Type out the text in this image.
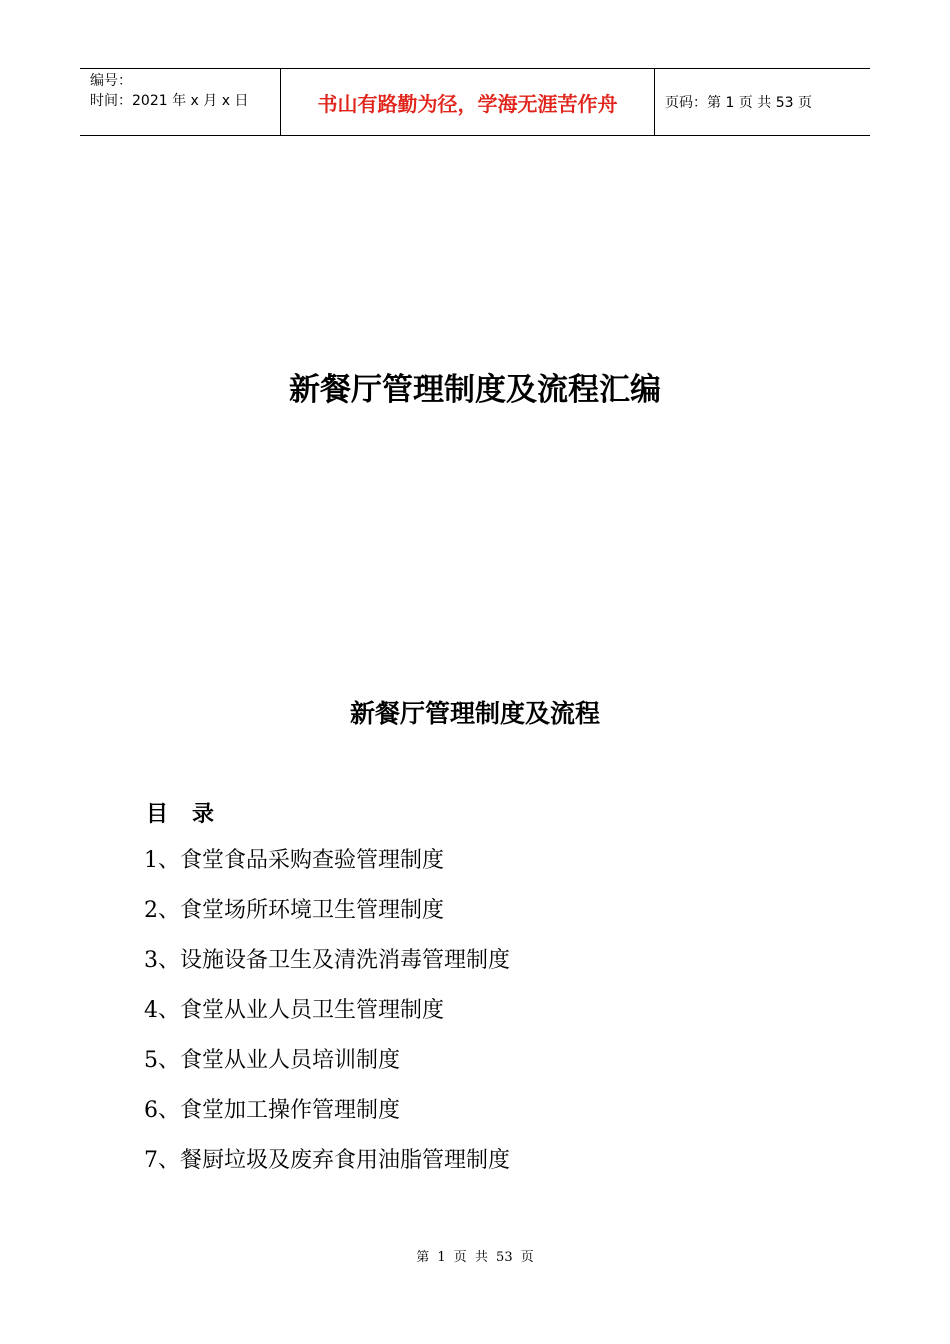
编号：
时间：2021 年 x 月 x 日	书山有路勤为径，学海无涯苦作舟	页码：第 1 页 共 53 页
新餐厅管理制度及流程汇编
新餐厅管理制度及流程
目 录
1、食堂食品采购查验管理制度
2、食堂场所环境卫生管理制度
3、设施设备卫生及清洗消毒管理制度
4、食堂从业人员卫生管理制度
5、食堂从业人员培训制度
6、食堂加工操作管理制度
7、餐厨垃圾及废弃食用油脂管理制度
第 1 页 共 53 页
